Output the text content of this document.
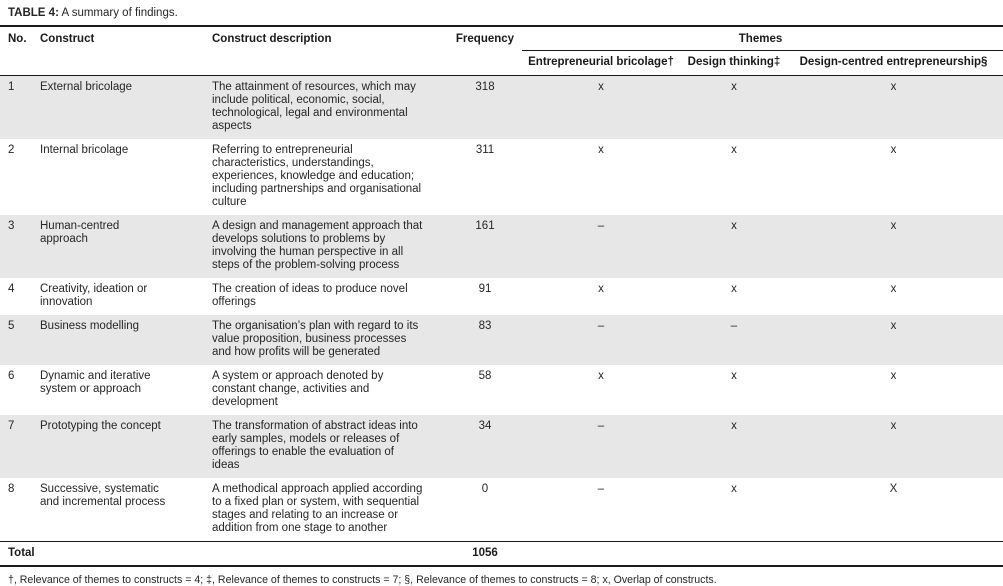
TABLE 4: A summary of findings.
No.	Construct	Construct description	Frequency	Themes		
				Entrepreneurial bricolage†	Design thinking‡	Design-centred entrepreneurship§
1	External bricolage	The attainment of resources, which may include political, economic, social, technological, legal and environmental aspects	318	x	x	x
2	Internal bricolage	Referring to entrepreneurial characteristics, understandings, experiences, knowledge and education; including partnerships and organisational culture	311	x	x	x
3	Human-centred approach	A design and management approach that develops solutions to problems by involving the human perspective in all steps of the problem-solving process	161	–	x	x
4	Creativity, ideation or innovation	The creation of ideas to produce novel offerings	91	x	x	x
5	Business modelling	The organisation’s plan with regard to its value proposition, business processes and how profits will be generated	83	–	–	x
6	Dynamic and iterative system or approach	A system or approach denoted by constant change, activities and development	58	x	x	x
7	Prototyping the concept	The transformation of abstract ideas into early samples, models or releases of offerings to enable the evaluation of ideas	34	–	x	x
8	Successive, systematic and incremental process	A methodical approach applied according to a fixed plan or system, with sequential stages and relating to an increase or addition from one stage to another	0	–	x	X
Total			1056			
†, Relevance of themes to constructs = 4; ‡, Relevance of themes to constructs = 7; §, Relevance of themes to constructs = 8; x, Overlap of constructs.
